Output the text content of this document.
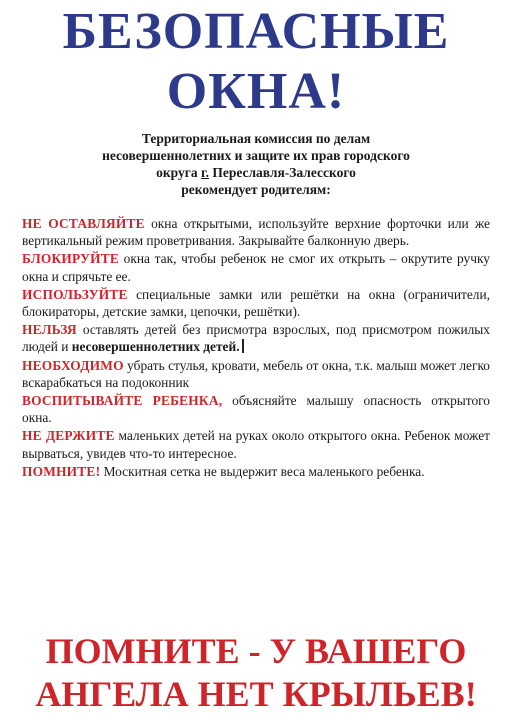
БЕЗОПАСНЫЕ
ОКНА!
Территориальная комиссия по делам
несовершеннолетних и защите их прав городского
округа г. Переславля-Залесского
рекомендует родителям:

НЕ ОСТАВЛЯЙТЕ окна открытыми, используйте верхние форточки или же вертикальный режим проветривания. Закрывайте балконную дверь.

БЛОКИРУЙТЕ окна так, чтобы ребенок не смог их открыть – окрутите ручку окна и спрячьте ее.

ИСПОЛЬЗУЙТЕ специальные замки или решётки на окна (ограничители, блокираторы, детские замки, цепочки, решётки).

НЕЛЬЗЯ оставлять детей без присмотра взрослых, под присмотром пожилых людей и несовершеннолетних детей.

НЕОБХОДИМО убрать стулья, кровати, мебель от окна, т.к. малыш может легко вскарабкаться на подоконник

ВОСПИТЫВАЙТЕ РЕБЕНКА, объясняйте малышу опасность открытого окна.

НЕ ДЕРЖИТЕ маленьких детей на руках около открытого окна. Ребенок может вырваться, увидев что-то интересное.

ПОМНИТЕ! Москитная сетка не выдержит веса маленького ребенка.

ПОМНИТЕ - У ВАШЕГО
АНГЕЛА НЕТ КРЫЛЬЕВ!
